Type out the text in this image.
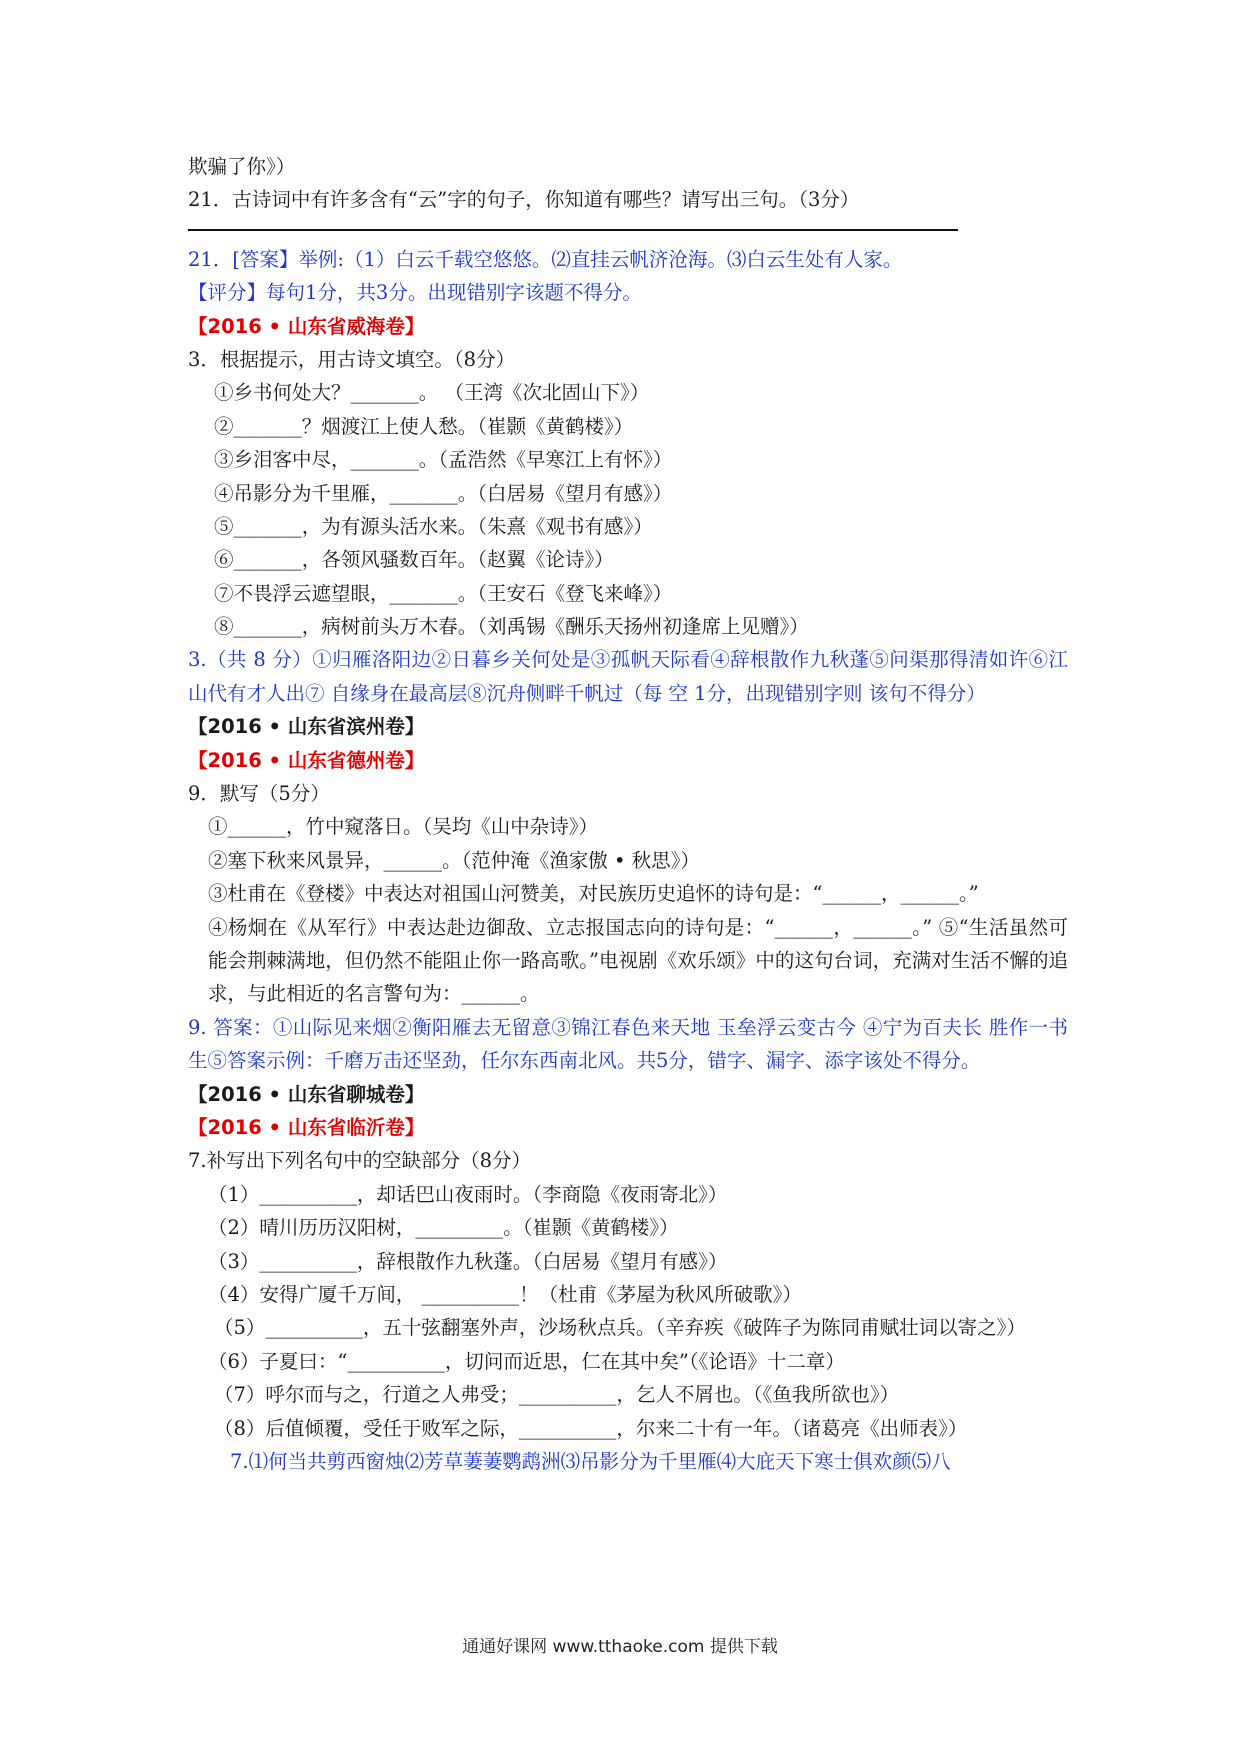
欺骗了你》）
21．古诗词中有许多含有“云”字的句子，你知道有哪些？请写出三句。（3分）
21．[答案】举例:（1）白云千载空悠悠。⑵直挂云帆济沧海。⑶白云生处有人家。
【评分】每句1分，共3分。出现错别字该题不得分。
【2016 • 山东省威海卷】
3．根据提示，用古诗文填空。（8分）
①乡书何处大？_______。 （王湾《次北固山下》）
②_______？烟渡江上使人愁。（崔颢《黄鹤楼》）
③乡泪客中尽，_______。（孟浩然《早寒江上有怀》）
④吊影分为千里雁，_______。（白居易《望月有感》）
⑤_______，为有源头活水来。（朱熹《观书有感》）
⑥_______，各领风骚数百年。（赵翼《论诗》）
⑦不畏浮云遮望眼，_______。（王安石《登飞来峰》）
⑧_______，病树前头万木春。（刘禹锡《酬乐天扬州初逢席上见赠》）
3.（共 8 分）①归雁洛阳边②日暮乡关何处是③孤帆天际看④辞根散作九秋蓬⑤问渠那得清如许⑥江山代有才人出⑦ 自缘身在最高层⑧沉舟侧畔千帆过（每 空 1分，出现错别字则 该句不得分）
【2016 • 山东省滨州卷】
【2016 • 山东省德州卷】
9．默写（5分）
①______，竹中窥落日。（吴均《山中杂诗》）
②塞下秋来风景异，______。（范仲淹《渔家傲 • 秋思》）
③杜甫在《登楼》中表达对祖国山河赞美，对民族历史追怀的诗句是：“______，______。”
④杨炯在《从军行》中表达赴边御敌、立志报国志向的诗句是：“______，______。” ⑤“生活虽然可能会荆棘满地，但仍然不能阻止你一路高歌。”电视剧《欢乐颂》中的这句台词，充满对生活不懈的追求，与此相近的名言警句为：______。
9. 答案：①山际见来烟②衡阳雁去无留意③锦江春色来天地 玉垒浮云变古今 ④宁为百夫长 胜作一书生⑤答案示例：千磨万击还坚劲，任尔东西南北风。共5分，错字、漏字、添字该处不得分。
【2016 • 山东省聊城卷】
【2016 • 山东省临沂卷】
7.补写出下列名句中的空缺部分（8分）
（1）__________，却话巴山夜雨时。（李商隐《夜雨寄北》）
（2）晴川历历汉阳树，_________。（崔颢《黄鹤楼》）
（3）__________，辞根散作九秋蓬。（白居易《望月有感》）
（4）安得广厦千万间， __________！（杜甫《茅屋为秋风所破歌》）
（5）__________，五十弦翻塞外声，沙场秋点兵。（辛弃疾《破阵子为陈同甫赋壮词以寄之》）
（6）子夏曰：“__________，切问而近思，仁在其中矣”（《论语》十二章）
（7）呼尔而与之，行道之人弗受；__________，乞人不屑也。（《鱼我所欲也》）
（8）后值倾覆，受任于败军之际，__________，尔来二十有一年。（诸葛亮《出师表》）
7.⑴何当共剪西窗烛⑵芳草萋萋鹦鹉洲⑶吊影分为千里雁⑷大庇天下寒士俱欢颜⑸八
通通好课网 www.tthaoke.com 提供下载
